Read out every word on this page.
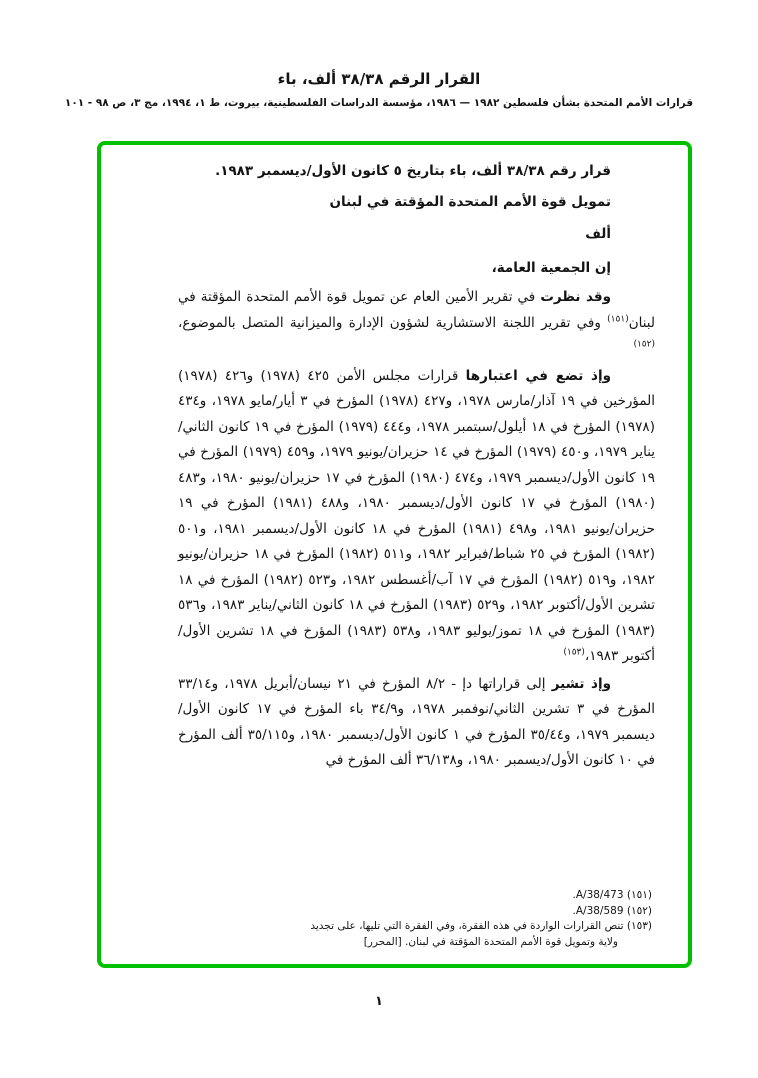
القرار الرقم ٣٨/٣٨ ألف، باء
قرارات الأمم المتحدة بشأن فلسطين ١٩٨٢ — ١٩٨٦، مؤسسة الدراسات الفلسطينية، بيروت، ط ١، ١٩٩٤، مج ٣، ص ٩٨ - ١٠١

قرار رقم ٣٨/٣٨ ألف، باء بتاريخ ٥ كانون الأول/ديسمبر ١٩٨٣.

تمويل قوة الأمم المتحدة المؤقتة في لبنان

ألف

إن الجمعية العامة،

وقد نظرت في تقرير الأمين العام عن تمويل قوة الأمم المتحدة المؤقتة في لبنان$^{(١٥١)}$ وفي تقرير اللجنة الاستشارية لشؤون الإدارة والميزانية المتصل بالموضوع،$^{(١٥٢)}$

وإذ تضع في اعتبارها قرارات مجلس الأمن ٤٢٥ (١٩٧٨) و٤٢٦ (١٩٧٨) المؤرخين في ١٩ آذار/مارس ١٩٧٨، و٤٢٧ (١٩٧٨) المؤرخ في ٣ أيار/مايو ١٩٧٨، و٤٣٤ (١٩٧٨) المؤرخ في ١٨ أيلول/سبتمبر ١٩٧٨، و٤٤٤ (١٩٧٩) المؤرخ في ١٩ كانون الثاني/يناير ١٩٧٩، و٤٥٠ (١٩٧٩) المؤرخ في ١٤ حزيران/يونيو ١٩٧٩، و٤٥٩ (١٩٧٩) المؤرخ في ١٩ كانون الأول/ديسمبر ١٩٧٩، و٤٧٤ (١٩٨٠) المؤرخ في ١٧ حزيران/يونيو ١٩٨٠، و٤٨٣ (١٩٨٠) المؤرخ في ١٧ كانون الأول/ديسمبر ١٩٨٠، و٤٨٨ (١٩٨١) المؤرخ في ١٩ حزيران/يونيو ١٩٨١، و٤٩٨ (١٩٨١) المؤرخ في ١٨ كانون الأول/ديسمبر ١٩٨١، و٥٠١ (١٩٨٢) المؤرخ في ٢٥ شباط/فبراير ١٩٨٢، و٥١١ (١٩٨٢) المؤرخ في ١٨ حزيران/يونيو ١٩٨٢، و٥١٩ (١٩٨٢) المؤرخ في ١٧ آب/أغسطس ١٩٨٢، و٥٢٣ (١٩٨٢) المؤرخ في ١٨ تشرين الأول/أكتوبر ١٩٨٢، و٥٢٩ (١٩٨٣) المؤرخ في ١٨ كانون الثاني/يناير ١٩٨٣، و٥٣٦ (١٩٨٣) المؤرخ في ١٨ تموز/يوليو ١٩٨٣، و٥٣٨ (١٩٨٣) المؤرخ في ١٨ تشرين الأول/أكتوبر ١٩٨٣،$^{(١٥٣)}$

وإذ تشير إلى قراراتها دإ - ٨/٢ المؤرخ في ٢١ نيسان/أبريل ١٩٧٨، و٣٣/١٤ المؤرخ في ٣ تشرين الثاني/نوفمبر ١٩٧٨، و٣٤/٩ باء المؤرخ في ١٧ كانون الأول/ديسمبر ١٩٧٩، و٣٥/٤٤ المؤرخ في ١ كانون الأول/ديسمبر ١٩٨٠، و٣٥/١١٥ ألف المؤرخ في ١٠ كانون الأول/ديسمبر ١٩٨٠، و٣٦/١٣٨ ألف المؤرخ في

(١٥١) A/38/473.
(١٥٢) A/38/589.
(١٥٣) تنص القرارات الواردة في هذه الفقرة، وفي الفقرة التي تليها، على تجديد ولاية وتمويل قوة الأمم المتحدة المؤقتة في لبنان. [المحرر]
١
